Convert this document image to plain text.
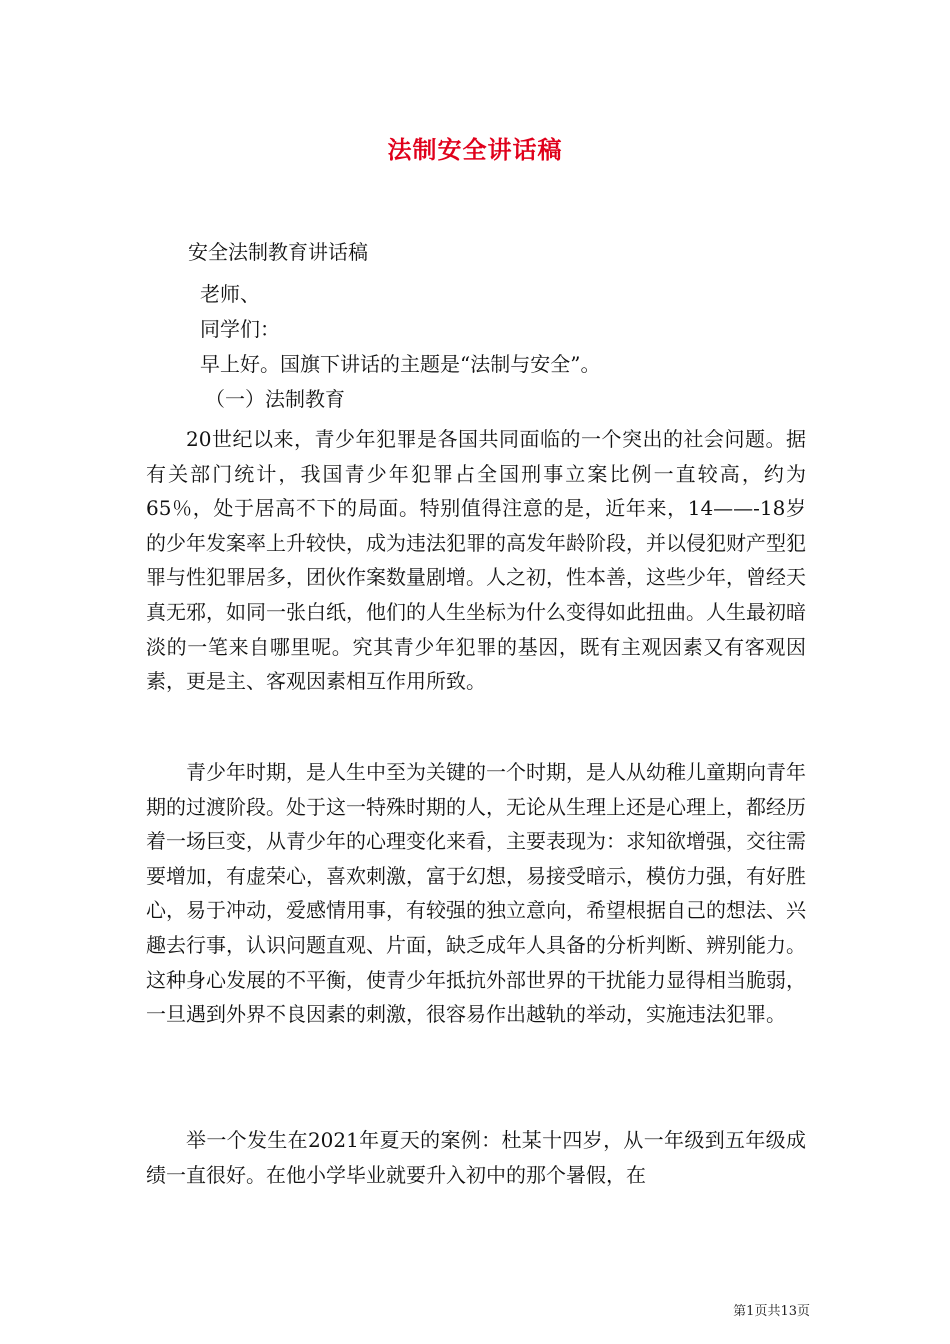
法制安全讲话稿
安全法制教育讲话稿
老师、
同学们：
早上好。国旗下讲话的主题是“法制与安全”。
（一）法制教育

20世纪以来，青少年犯罪是各国共同面临的一个突出的社会问题。据有关部门统计，我国青少年犯罪占全国刑事立案比例一直较高，约为65％，处于居高不下的局面。特别值得注意的是，近年来，14——-18岁的少年发案率上升较快，成为违法犯罪的高发年龄阶段，并以侵犯财产型犯罪与性犯罪居多，团伙作案数量剧增。人之初，性本善，这些少年，曾经天真无邪，如同一张白纸，他们的人生坐标为什么变得如此扭曲。人生最初暗淡的一笔来自哪里呢。究其青少年犯罪的基因，既有主观因素又有客观因素，更是主、客观因素相互作用所致。

青少年时期，是人生中至为关键的一个时期，是人从幼稚儿童期向青年期的过渡阶段。处于这一特殊时期的人，无论从生理上还是心理上，都经历着一场巨变，从青少年的心理变化来看，主要表现为：求知欲增强，交往需要增加，有虚荣心，喜欢刺激，富于幻想，易接受暗示，模仿力强，有好胜心，易于冲动，爱感情用事，有较强的独立意向，希望根据自己的想法、兴趣去行事，认识问题直观、片面，缺乏成年人具备的分析判断、辨别能力。这种身心发展的不平衡，使青少年抵抗外部世界的干扰能力显得相当脆弱，一旦遇到外界不良因素的刺激，很容易作出越轨的举动，实施违法犯罪。

举一个发生在2021年夏天的案例：杜某十四岁，从一年级到五年级成绩一直很好。在他小学毕业就要升入初中的那个暑假，在

第1页共13页
